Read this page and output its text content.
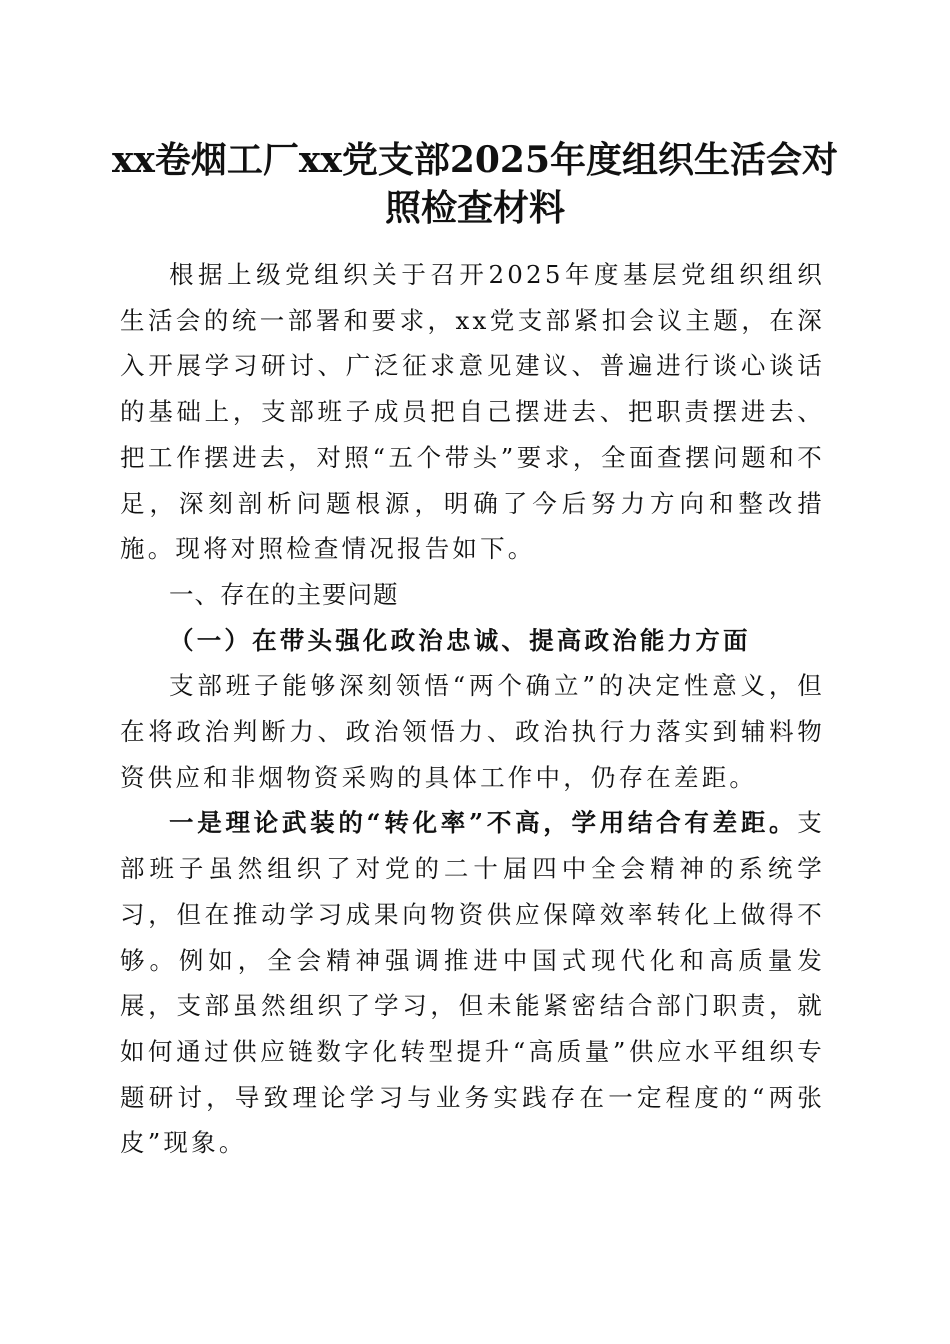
xx卷烟工厂xx党支部2025年度组织生活会对
照检查材料

根据上级党组织关于召开2025年度基层党组织组织生活会的统一部署和要求，xx党支部紧扣会议主题，在深入开展学习研讨、广泛征求意见建议、普遍进行谈心谈话的基础上，支部班子成员把自己摆进去、把职责摆进去、把工作摆进去，对照“五个带头”要求，全面查摆问题和不足，深刻剖析问题根源，明确了今后努力方向和整改措施。现将对照检查情况报告如下。

一、存在的主要问题

（一）在带头强化政治忠诚、提高政治能力方面

支部班子能够深刻领悟“两个确立”的决定性意义，但在将政治判断力、政治领悟力、政治执行力落实到辅料物资供应和非烟物资采购的具体工作中，仍存在差距。

一是理论武装的“转化率”不高，学用结合有差距。支部班子虽然组织了对党的二十届四中全会精神的系统学习，但在推动学习成果向物资供应保障效率转化上做得不够。例如，全会精神强调推进中国式现代化和高质量发展，支部虽然组织了学习，但未能紧密结合部门职责，就如何通过供应链数字化转型提升“高质量”供应水平组织专题研讨，导致理论学习与业务实践存在一定程度的“两张皮”现象。
